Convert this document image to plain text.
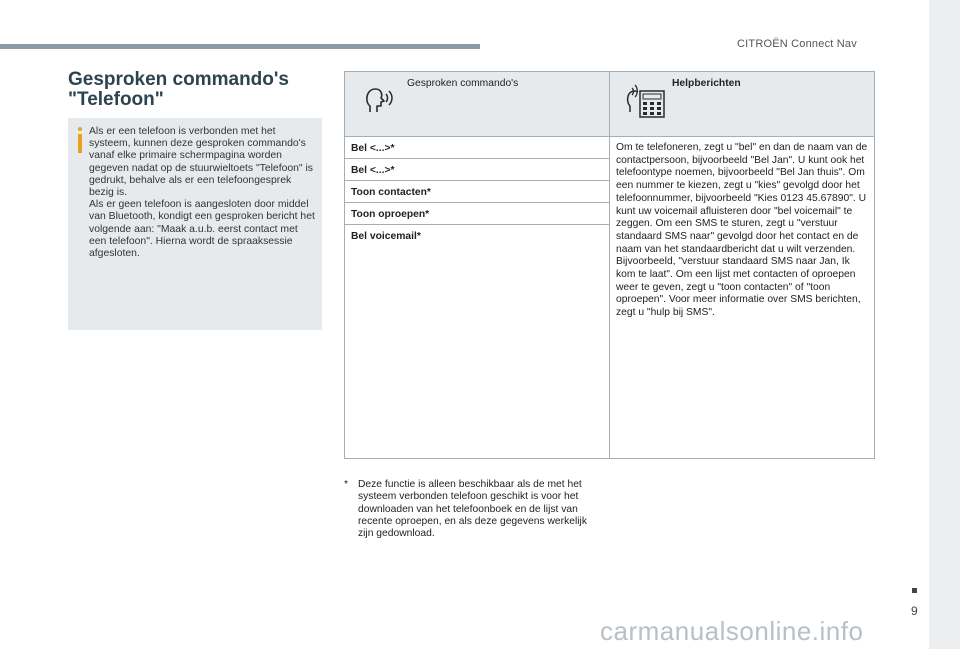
CITROËN Connect Nav
Gesproken commando's
"Telefoon"

Als er een telefoon is verbonden met het systeem, kunnen deze gesproken commando's vanaf elke primaire schermpagina worden gegeven nadat op de stuurwieltoets "Telefoon" is gedrukt, behalve als er een telefoongesprek bezig is.

Als er geen telefoon is aangesloten door middel van Bluetooth, kondigt een gesproken bericht het volgende aan: "Maak a.u.b. eerst contact met een telefoon". Hierna wordt de spraaksessie afgesloten.

Gesproken commando's	Helpberichten

Bel <...>*	Om te telefoneren, zegt u "bel" en dan de naam van de contactpersoon, bijvoorbeeld "Bel Jan". U kunt ook het telefoontype noemen, bijvoorbeeld "Bel Jan thuis". Om een nummer te kiezen, zegt u "kies" gevolgd door het telefoonnummer, bijvoorbeeld "Kies 0123 45.67890". U kunt uw voicemail afluisteren door "bel voicemail" te zeggen. Om een SMS te sturen, zegt u "verstuur standaard SMS naar" gevolgd door het contact en de naam van het standaardbericht dat u wilt verzenden. Bijvoorbeeld, "verstuur standaard SMS naar Jan, Ik kom te laat". Om een lijst met contacten of oproepen weer te geven, zegt u "toon contacten" of "toon oproepen". Voor meer informatie over SMS berichten, zegt u "hulp bij SMS".
Bel <...>*	
Toon contacten*	
Toon oproepen*	
Bel voicemail*	
* Deze functie is alleen beschikbaar als de met het systeem verbonden telefoon geschikt is voor het downloaden van het telefoonboek en de lijst van recente oproepen, en als deze gegevens werkelijk zijn gedownload.
9
carmanualsonline.info
